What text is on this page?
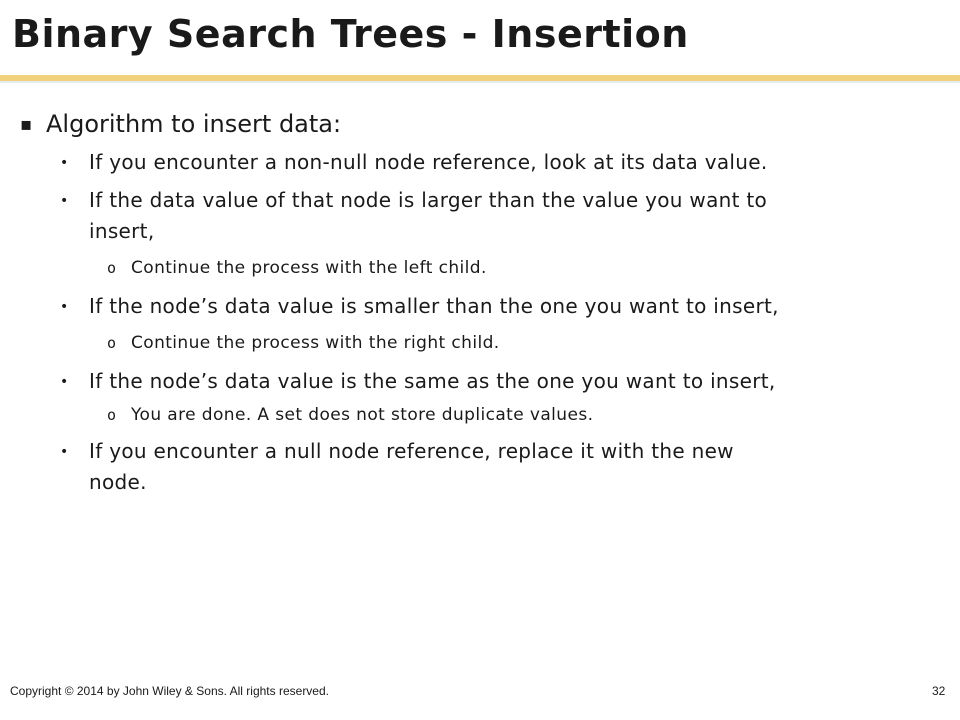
Binary Search Trees - Insertion
▪ Algorithm to insert data:
• If you encounter a non-null node reference, look at its data value.
• If the data value of that node is larger than the value you want to
insert,
o Continue the process with the left child.
• If the node’s data value is smaller than the one you want to insert,
o Continue the process with the right child.
• If the node’s data value is the same as the one you want to insert,
o You are done. A set does not store duplicate values.
• If you encounter a null node reference, replace it with the new
node.
Copyright © 2014 by John Wiley & Sons. All rights reserved.	32
